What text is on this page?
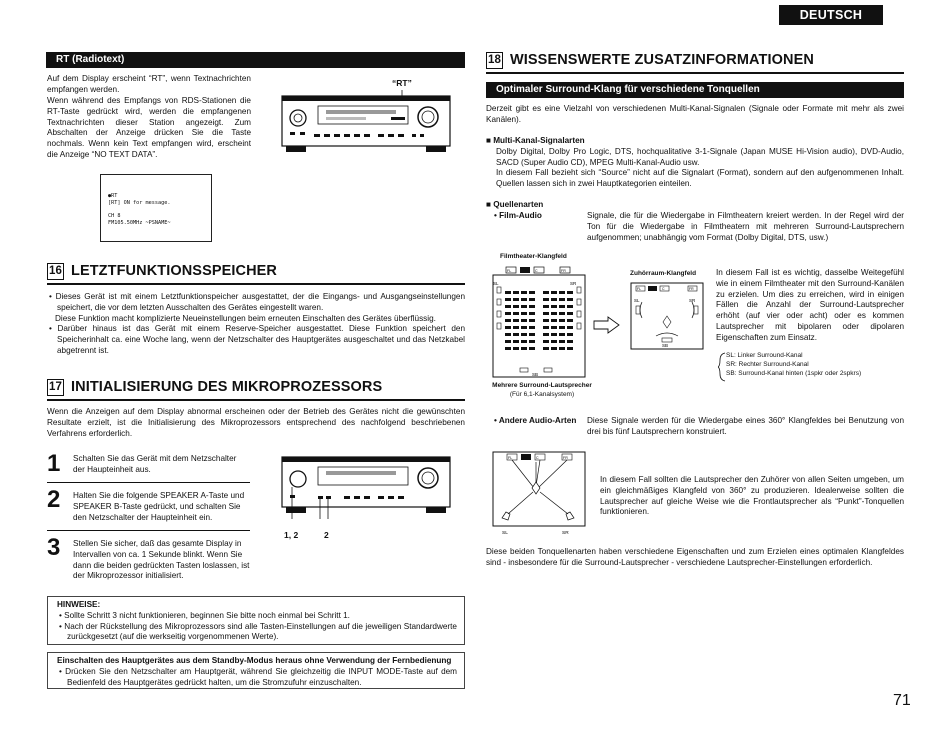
DEUTSCH
RT (Radiotext)
Auf dem Display erscheint “RT”, wenn Textnachrichten empfangen werden.
Wenn während des Empfangs von RDS-Stationen die RT-Taste gedrückt wird, werden die empfangenen Textnachrichten dieser Station angezeigt. Zum Abschalten der Anzeige drücken Sie die Taste nochmals. Wenn kein Text empfangen wird, erscheint die Anzeige “NO TEXT DATA”.
“RT”
●RT
[RT] ON for message.
CH 8
FM105.50MHz ~PSNAME~
16 LETZTFUNKTIONSSPEICHER
• Dieses Gerät ist mit einem Letztfunktionspeicher ausgestattet, der die Eingangs- und Ausgangseinstellungen speichert, die vor dem letzten Ausschalten des Gerätes eingestellt waren.
Diese Funktion macht komplizierte Neueinstellungen beim erneuten Einschalten des Gerätes überflüssig.
• Darüber hinaus ist das Gerät mit einem Reserve-Speicher ausgestattet. Diese Funktion speichert den Speicherinhalt ca. eine Woche lang, wenn der Netzschalter des Hauptgerätes ausgeschaltet und das Netzkabel abgetrennt ist.
17 INITIALISIERUNG DES MIKROPROZESSORS
Wenn die Anzeigen auf dem Display abnormal erscheinen oder der Betrieb des Gerätes nicht die gewünschten Resultate erzielt, ist die Initialisierung des Mikroprozessors entsprechend des nachfolgend beschriebenen Verfahrens erforderlich.
1 Schalten Sie das Gerät mit dem Netzschalter der Haupteinheit aus.
2 Halten Sie die folgende SPEAKER A-Taste und SPEAKER B-Taste gedrückt, und schalten Sie den Netzschalter der Haupteinheit ein.
3 Stellen Sie sicher, daß das gesamte Display in Intervallen von ca. 1 Sekunde blinkt. Wenn Sie dann die beiden gedrückten Tasten loslassen, ist der Mikroprozessor initialisiert.
1, 2	2
HINWEISE:
• Sollte Schritt 3 nicht funktionieren, beginnen Sie bitte noch einmal bei Schritt 1.
• Nach der Rückstellung des Mikroprozessors sind alle Tasten-Einstellungen auf die jeweiligen Standardwerte zurückgesetzt (auf die werkseitig vorgenommenen Werte).
Einschalten des Hauptgerätes aus dem Standby-Modus heraus ohne Verwendung der Fernbedienung
• Drücken Sie den Netzschalter am Hauptgerät, während Sie gleichzeitig die INPUT MODE-Taste auf dem Bedienfeld des Hauptgerätes gedrückt halten, um die Stromzufuhr einzuschalten.
18 WISSENSWERTE ZUSATZINFORMATIONEN
Optimaler Surround-Klang für verschiedene Tonquellen
Derzeit gibt es eine Vielzahl von verschiedenen Multi-Kanal-Signalen (Signale oder Formate mit mehr als zwei Kanälen).
■ Multi-Kanal-Signalarten
Dolby Digital, Dolby Pro Logic, DTS, hochqualitative 3-1-Signale (Japan MUSE Hi-Vision audio), DVD-Audio, SACD (Super Audio CD), MPEG Multi-Kanal-Audio usw.
In diesem Fall bezieht sich “Source” nicht auf die Signalart (Format), sondern auf den aufgenommenen Inhalt. Quellen lassen sich in zwei Hauptkategorien einteilen.
■ Quellenarten
• Film-Audio	Signale, die für die Wiedergabe in Filmtheatern kreiert werden. In der Regel wird der Ton für die Wiedergabe in Filmtheatern mit mehreren Surround-Lautsprechern aufgenommen; unabhängig vom Format (Dolby Digital, DTS, usw.)
Filmtheater-Klangfeld
FL	C	FR
SL	SR
SB
Mehrere Surround-Lautsprecher
(Für 6,1-Kanalsystem)
Zuhörraum-Klangfeld
FL	C	FR
SL	SR
SB
In diesem Fall ist es wichtig, dasselbe Weitegefühl wie in einem Filmtheater mit den Surround-Kanälen zu erzielen. Um dies zu erreichen, wird in einigen Fällen die Anzahl der Surround-Lautsprecher erhöht (auf vier oder acht) oder es kommen Lautsprecher mit bipolaren oder dipolaren Eigenschaften zum Einsatz.
SL: Linker Surround-Kanal
SR: Rechter Surround-Kanal
SB: Surround-Kanal hinten (1spkr oder 2spkrs)
• Andere Audio-Arten Diese Signale werden für die Wiedergabe eines 360° Klangfeldes bei Benutzung von drei bis fünf Lautsprechern konstruiert.
FL	C	FR
SL	SR
In diesem Fall sollten die Lautsprecher den Zuhörer von allen Seiten umgeben, um ein gleichmäßiges Klangfeld von 360° zu produzieren. Idealerweise sollten die Lautsprecher auf gleiche Weise wie die Frontlautsprecher als “Punkt”-Tonquellen funktionieren.
Diese beiden Tonquellenarten haben verschiedene Eigenschaften und zum Erzielen eines optimalen Klangfeldes sind - insbesondere für die Surround-Lautsprecher - verschiedene Lautsprecher-Einstellungen erforderlich.
71
